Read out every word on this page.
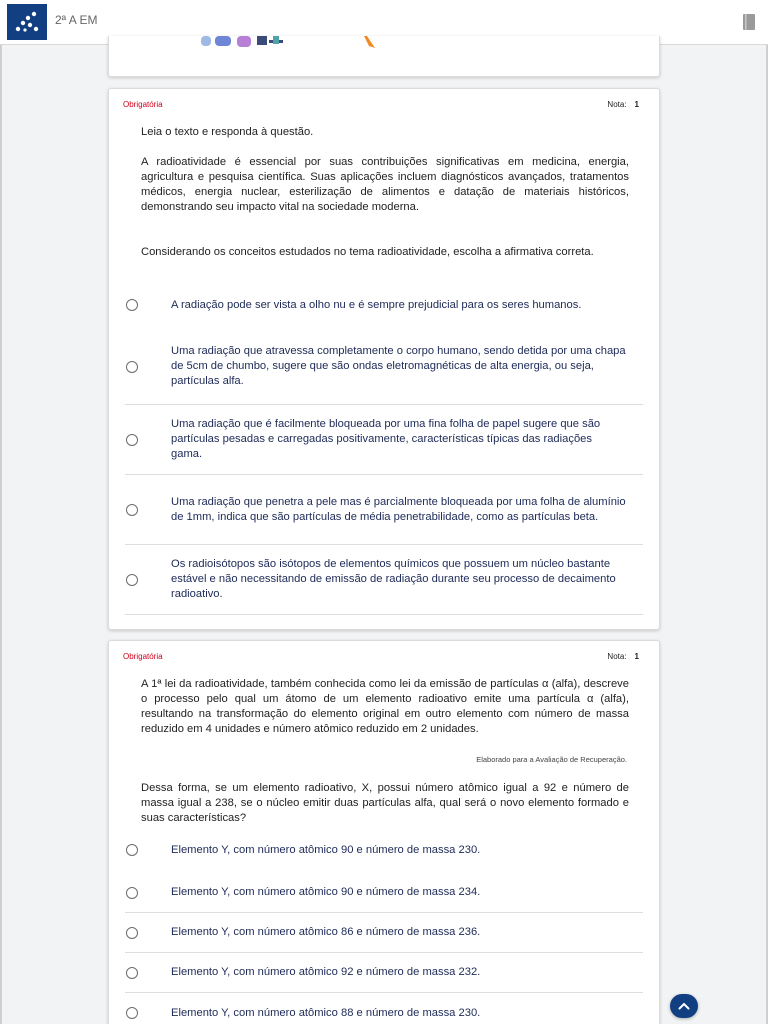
2ª A EM
Obrigatória	Nota: 1

Leia o texto e responda à questão.

A radioatividade é essencial por suas contribuições significativas em medicina, energia, agricultura e pesquisa científica. Suas aplicações incluem diagnósticos avançados, tratamentos médicos, energia nuclear, esterilização de alimentos e datação de materiais históricos, demonstrando seu impacto vital na sociedade moderna.

Considerando os conceitos estudados no tema radioatividade, escolha a afirmativa correta.

A radiação pode ser vista a olho nu e é sempre prejudicial para os seres humanos.
Uma radiação que atravessa completamente o corpo humano, sendo detida por uma chapa de 5cm de chumbo, sugere que são ondas eletromagnéticas de alta energia, ou seja, partículas alfa.
Uma radiação que é facilmente bloqueada por uma fina folha de papel sugere que são partículas pesadas e carregadas positivamente, características típicas das radiações gama.
Uma radiação que penetra a pele mas é parcialmente bloqueada por uma folha de alumínio de 1mm, indica que são partículas de média penetrabilidade, como as partículas beta.
Os radioisótopos são isótopos de elementos químicos que possuem um núcleo bastante estável e não necessitando de emissão de radiação durante seu processo de decaimento radioativo.
Obrigatória	Nota: 1

A 1ª lei da radioatividade, também conhecida como lei da emissão de partículas α (alfa), descreve o processo pelo qual um átomo de um elemento radioativo emite uma partícula α (alfa), resultando na transformação do elemento original em outro elemento com número de massa reduzido em 4 unidades e número atômico reduzido em 2 unidades.

Elaborado para a Avaliação de Recuperação.

Dessa forma, se um elemento radioativo, X, possui número atômico igual a 92 e número de massa igual a 238, se o núcleo emitir duas partículas alfa, qual será o novo elemento formado e suas características?

Elemento Y, com número atômico 90 e número de massa 230.
Elemento Y, com número atômico 90 e número de massa 234.
Elemento Y, com número atômico 86 e número de massa 236.
Elemento Y, com número atômico 92 e número de massa 232.
Elemento Y, com número atômico 88 e número de massa 230.
